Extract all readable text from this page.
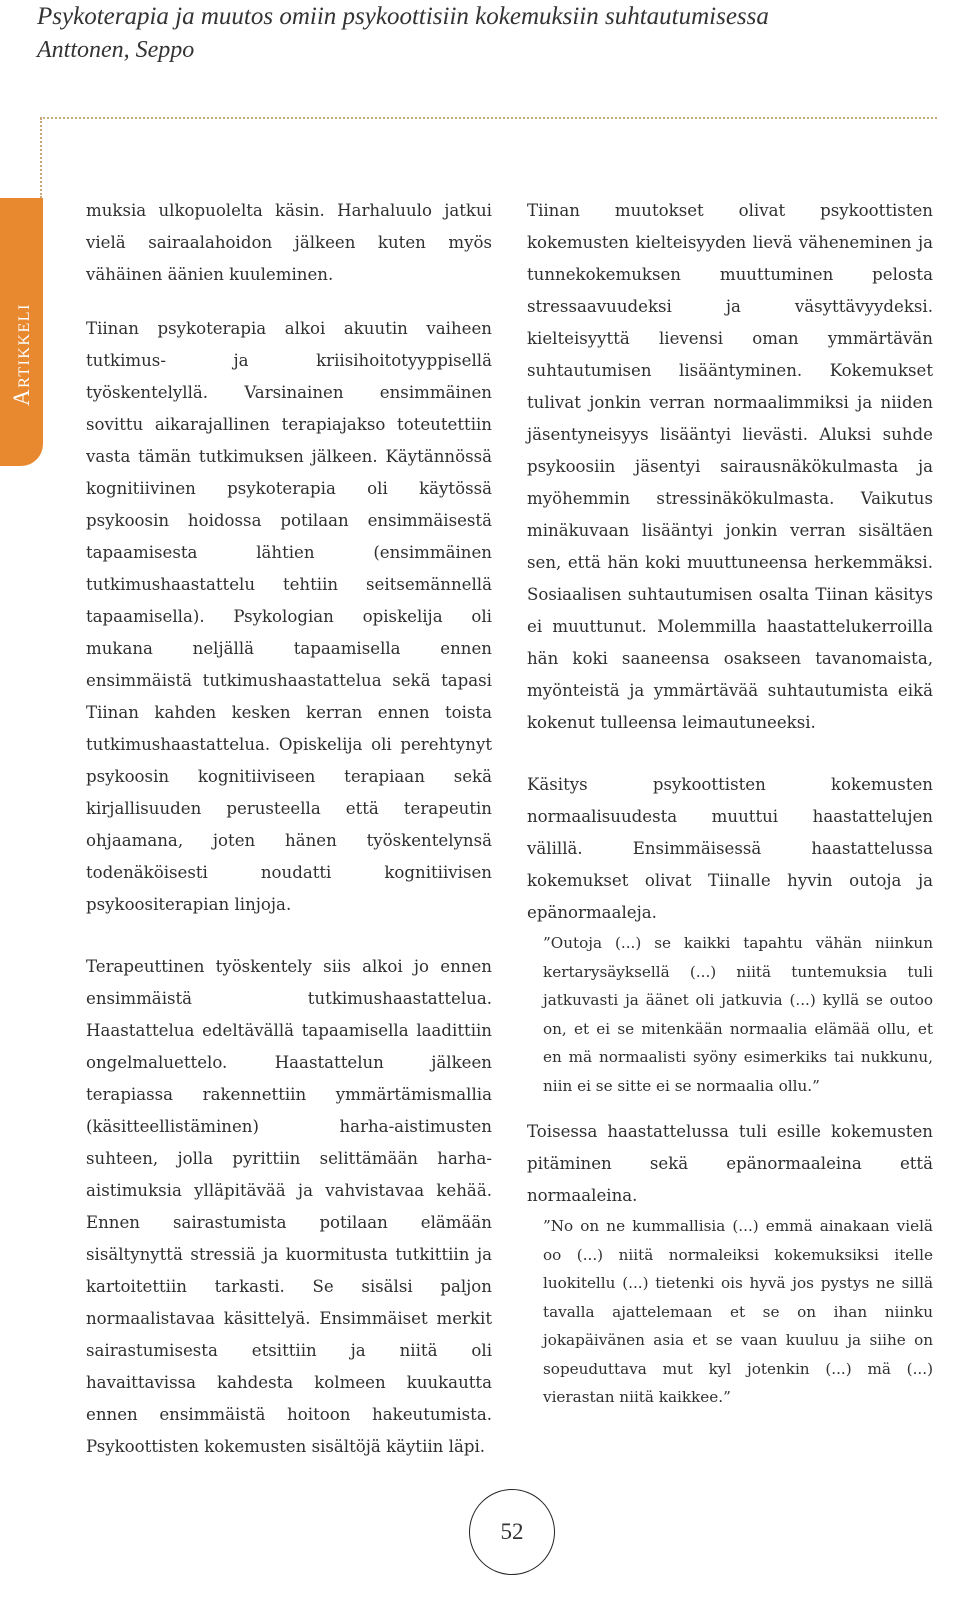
Psykoterapia ja muutos omiin psykoottisiin kokemuksiin suhtautumisessa
Anttonen, Seppo
Artikkeli

muksia ulkopuolelta käsin. Harhaluulo jatkui vielä sairaalahoidon jälkeen kuten myös vähäinen äänien kuuleminen.

Tiinan psykoterapia alkoi akuutin vaiheen tutkimus- ja kriisihoitotyyppisellä työskentelyllä. Varsinainen ensimmäinen sovittu aikarajallinen terapiajakso toteutettiin vasta tämän tutkimuksen jälkeen. Käytännössä kognitiivinen psykoterapia oli käytössä psykoosin hoidossa potilaan ensimmäisestä tapaamisesta lähtien (ensimmäinen tutkimushaastattelu tehtiin seitsemännellä tapaamisella). Psykologian opiskelija oli mukana neljällä tapaamisella ennen ensimmäistä tutkimushaastattelua sekä tapasi Tiinan kahden kesken kerran ennen toista tutkimushaastattelua. Opiskelija oli perehtynyt psykoosin kognitiiviseen terapiaan sekä kirjallisuuden perusteella että terapeutin ohjaamana, joten hänen työskentelynsä todenäköisesti noudatti kognitiivisen psykoositerapian linjoja.

Terapeuttinen työskentely siis alkoi jo ennen ensimmäistä tutkimushaastattelua. Haastattelua edeltävällä tapaamisella laadittiin ongelmaluettelo. Haastattelun jälkeen terapiassa rakennettiin ymmärtämismallia (käsitteellistäminen) harha-aistimusten suhteen, jolla pyrittiin selittämään harha-aistimuksia ylläpitävää ja vahvistavaa kehää. Ennen sairastumista potilaan elämään sisältynyttä stressiä ja kuormitusta tutkittiin ja kartoitettiin tarkasti. Se sisälsi paljon normaalistavaa käsittelyä. Ensimmäiset merkit sairastumisesta etsittiin ja niitä oli havaittavissa kahdesta kolmeen kuukautta ennen ensimmäistä hoitoon hakeutumista. Psykoottisten kokemusten sisältöjä käytiin läpi.

Tiinan muutokset olivat psykoottisten kokemusten kielteisyyden lievä väheneminen ja tunnekokemuksen muuttuminen pelosta stressaavuudeksi ja väsyttävyydeksi. kielteisyyttä lievensi oman ymmärtävän suhtautumisen lisääntyminen. Kokemukset tulivat jonkin verran normaalimmiksi ja niiden jäsentyneisyys lisääntyi lievästi. Aluksi suhde psykoosiin jäsentyi sairausnäkökulmasta ja myöhemmin stressinäkökulmasta. Vaikutus minäkuvaan lisääntyi jonkin verran sisältäen sen, että hän koki muuttuneensa herkemmäksi. Sosiaalisen suhtautumisen osalta Tiinan käsitys ei muuttunut. Molemmilla haastattelukerroilla hän koki saaneensa osakseen tavanomaista, myönteistä ja ymmärtävää suhtautumista eikä kokenut tulleensa leimautuneeksi.

Käsitys psykoottisten kokemusten normaalisuudesta muuttui haastattelujen välillä. Ensimmäisessä haastattelussa kokemukset olivat Tiinalle hyvin outoja ja epänormaaleja.

”Outoja (...) se kaikki tapahtu vähän niinkun kertarysäyksellä (...) niitä tuntemuksia tuli jatkuvasti ja äänet oli jatkuvia (...) kyllä se outoo on, et ei se mitenkään normaalia elämää ollu, et en mä normaalisti syöny esimerkiks tai nukkunu, niin ei se sitte ei se normaalia ollu.”

Toisessa haastattelussa tuli esille kokemusten pitäminen sekä epänormaaleina että normaaleina.

”No on ne kummallisia (...) emmä ainakaan vielä oo (...) niitä normaleiksi kokemuksiksi itelle luokitellu (...) tietenki ois hyvä jos pystys ne sillä tavalla ajattelemaan et se on ihan niinku jokapäivänen asia et se vaan kuuluu ja siihe on sopeuduttava mut kyl jotenkin (...) mä (...) vierastan niitä kaikkee.”

52
